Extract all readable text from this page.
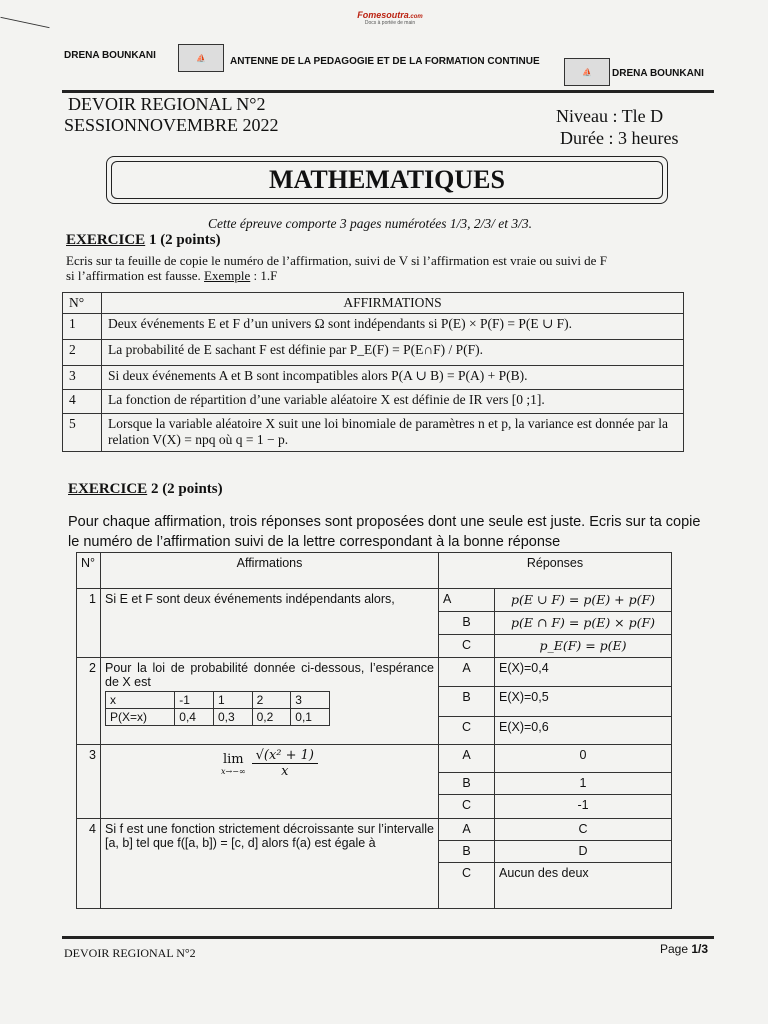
Fomesoutra.com
Docs à portée de main
DRENA BOUNKANI	⛵	ANTENNE DE LA PEDAGOGIE ET DE LA FORMATION CONTINUE
⛵	DRENA BOUNKANI
DEVOIR REGIONAL N°2
SESSIONNOVEMBRE 2022	Niveau : Tle D
Durée : 3 heures
MATHEMATIQUES
Cette épreuve comporte 3 pages numérotées 1/3, 2/3/ et 3/3.
EXERCICE 1 (2 points)
Ecris sur ta feuille de copie le numéro de l’affirmation, suivi de V si l’affirmation est vraie ou suivi de F
si l’affirmation est fausse. Exemple : 1.F
N°	AFFIRMATIONS
1	Deux événements E et F d’un univers Ω sont indépendants si P(E) × P(F) = P(E ∪ F).
2	La probabilité de E sachant F est définie par P_E(F) = P(E∩F) / P(F).
3	Si deux événements A et B sont incompatibles alors P(A ∪ B) = P(A) + P(B).
4	La fonction de répartition d’une variable aléatoire X est définie de IR vers [0 ;1].
5	Lorsque la variable aléatoire X suit une loi binomiale de paramètres n et p, la variance est donnée par la relation V(X) = npq où q = 1 − p.
EXERCICE 2 (2 points)
Pour chaque affirmation, trois réponses sont proposées dont une seule est juste. Ecris sur ta copie le numéro de l’affirmation suivi de la lettre correspondant à la bonne réponse
N°	Affirmations	Réponses
1	Si E et F sont deux événements indépendants alors,	A	p(E ∪ F) = p(E) + p(F)
B	p(E ∩ F) = p(E) × p(F)
C	p_E(F) = p(E)
2	Pour la loi de probabilité donnée ci-dessous, l’espérance de X est
x	-1	1	2	3
P(X=x)	0,4	0,3	0,2	0,1
	A	E(X)=0,4
B	E(X)=0,5
C	E(X)=0,6
3	lim
$x\to-\infty \frac{\text{√(x² + 1)}}{x}$	A	0
B	1
C	-1
4	Si f est une fonction strictement décroissante sur l’intervalle [a, b] tel que f([a, b]) = [c, d] alors f(a) est égale à	A	C
B	D
C	Aucun des deux
DEVOIR REGIONAL N°2	Page 1/3
